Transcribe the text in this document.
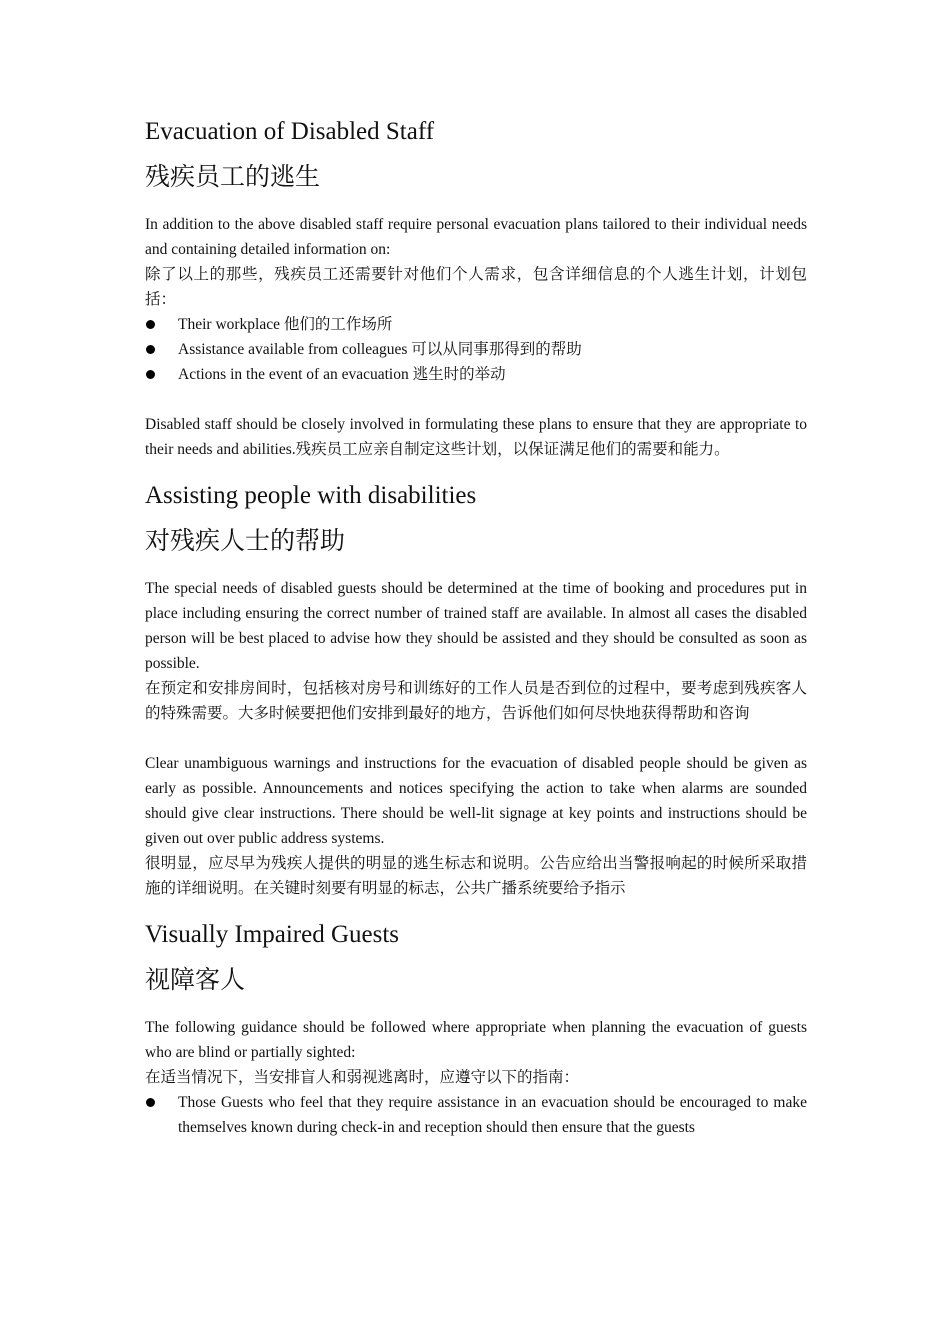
Evacuation of Disabled Staff
残疾员工的逃生

In addition to the above disabled staff require personal evacuation plans tailored to their individual needs and containing detailed information on:

除了以上的那些，残疾员工还需要针对他们个人需求，包含详细信息的个人逃生计划，计划包括：

Their workplace 他们的工作场所
Assistance available from colleagues 可以从同事那得到的帮助
Actions in the event of an evacuation 逃生时的举动

Disabled staff should be closely involved in formulating these plans to ensure that they are appropriate to their needs and abilities.残疾员工应亲自制定这些计划，以保证满足他们的需要和能力。

Assisting people with disabilities
对残疾人士的帮助

The special needs of disabled guests should be determined at the time of booking and procedures put in place including ensuring the correct number of trained staff are available. In almost all cases the disabled person will be best placed to advise how they should be assisted and they should be consulted as soon as possible.

在预定和安排房间时，包括核对房号和训练好的工作人员是否到位的过程中，要考虑到残疾客人的特殊需要。大多时候要把他们安排到最好的地方，告诉他们如何尽快地获得帮助和咨询

Clear unambiguous warnings and instructions for the evacuation of disabled people should be given as early as possible. Announcements and notices specifying the action to take when alarms are sounded should give clear instructions. There should be well-lit signage at key points and instructions should be given out over public address systems.

很明显，应尽早为残疾人提供的明显的逃生标志和说明。公告应给出当警报响起的时候所采取措施的详细说明。在关键时刻要有明显的标志，公共广播系统要给予指示

Visually Impaired Guests
视障客人

The following guidance should be followed where appropriate when planning the evacuation of guests who are blind or partially sighted:

在适当情况下，当安排盲人和弱视逃离时，应遵守以下的指南：

Those Guests who feel that they require assistance in an evacuation should be encouraged to make themselves known during check-in and reception should then ensure that the guests
